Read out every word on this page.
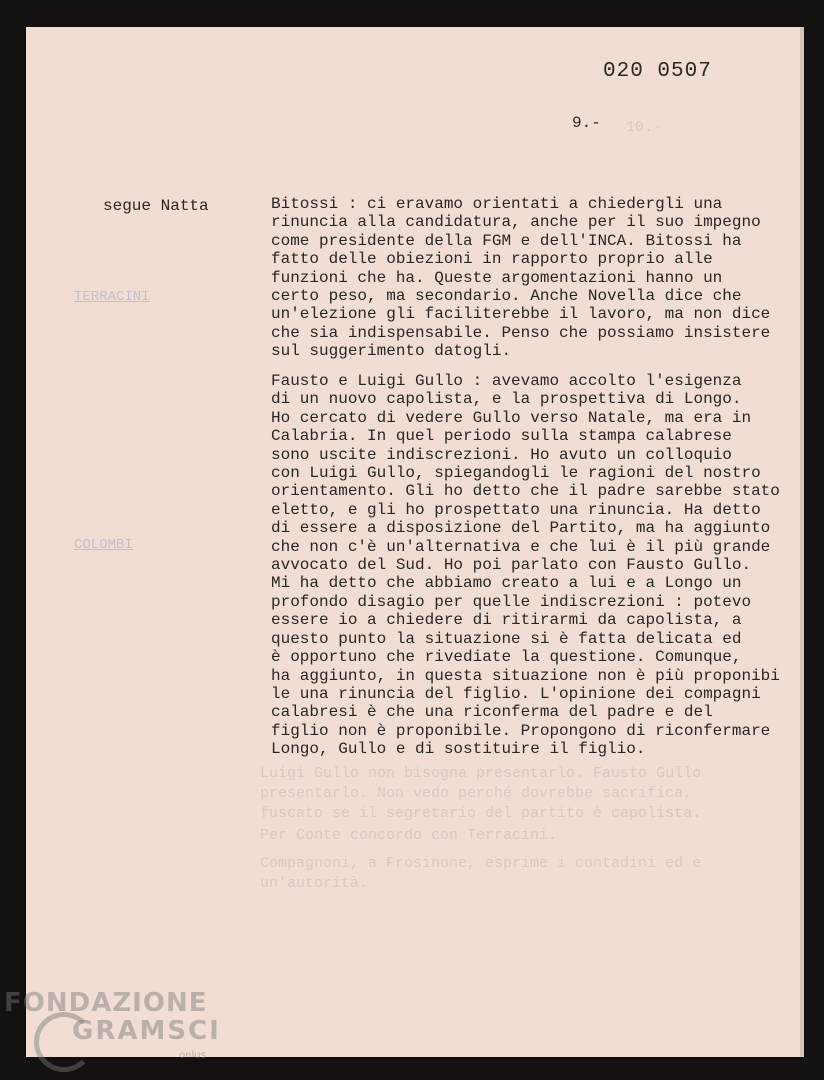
10.-
TERRACINI
COLOMBI
Luigi Gullo non bisogna presentarlo. Fausto Gullo
presentarlo. Non vedo perché dovrebbe sacrifica,
fuscato se il segretario del partito è capolista.
Per Conte concordo con Terracini.
Compagnoni, a Frosinone, esprime i contadini ed è
un'autorità.
020 0507
9.-
segue Natta	Bitossi : ci eravamo orientati a chiedergli una
rinuncia alla candidatura, anche per il suo impegno
come presidente della FGM e dell'INCA. Bitossi ha
fatto delle obiezioni in rapporto proprio alle
funzioni che ha. Queste argomentazioni hanno un
certo peso, ma secondario. Anche Novella dice che
un'elezione gli faciliterebbe il lavoro, ma non dice
che sia indispensabile. Penso che possiamo insistere
sul suggerimento datogli.
Fausto e Luigi Gullo : avevamo accolto l'esigenza
di un nuovo capolista, e la prospettiva di Longo.
Ho cercato di vedere Gullo verso Natale, ma era in
Calabria. In quel periodo sulla stampa calabrese
sono uscite indiscrezioni. Ho avuto un colloquio
con Luigi Gullo, spiegandogli le ragioni del nostro
orientamento. Gli ho detto che il padre sarebbe stato
eletto, e gli ho prospettato una rinuncia. Ha detto
di essere a disposizione del Partito, ma ha aggiunto
che non c'è un'alternativa e che lui è il più grande
avvocato del Sud. Ho poi parlato con Fausto Gullo.
Mi ha detto che abbiamo creato a lui e a Longo un
profondo disagio per quelle indiscrezioni : potevo
essere io a chiedere di ritirarmi da capolista, a
questo punto la situazione si è fatta delicata ed
è opportuno che rivediate la questione. Comunque,
ha aggiunto, in questa situazione non è più proponibi
le una rinuncia del figlio. L'opinione dei compagni
calabresi è che una riconferma del padre e del
figlio non è proponibile. Propongono di riconfermare
Longo, Gullo e di sostituire il figlio.
FONDAZIONE
GRAMSCI
onlus
